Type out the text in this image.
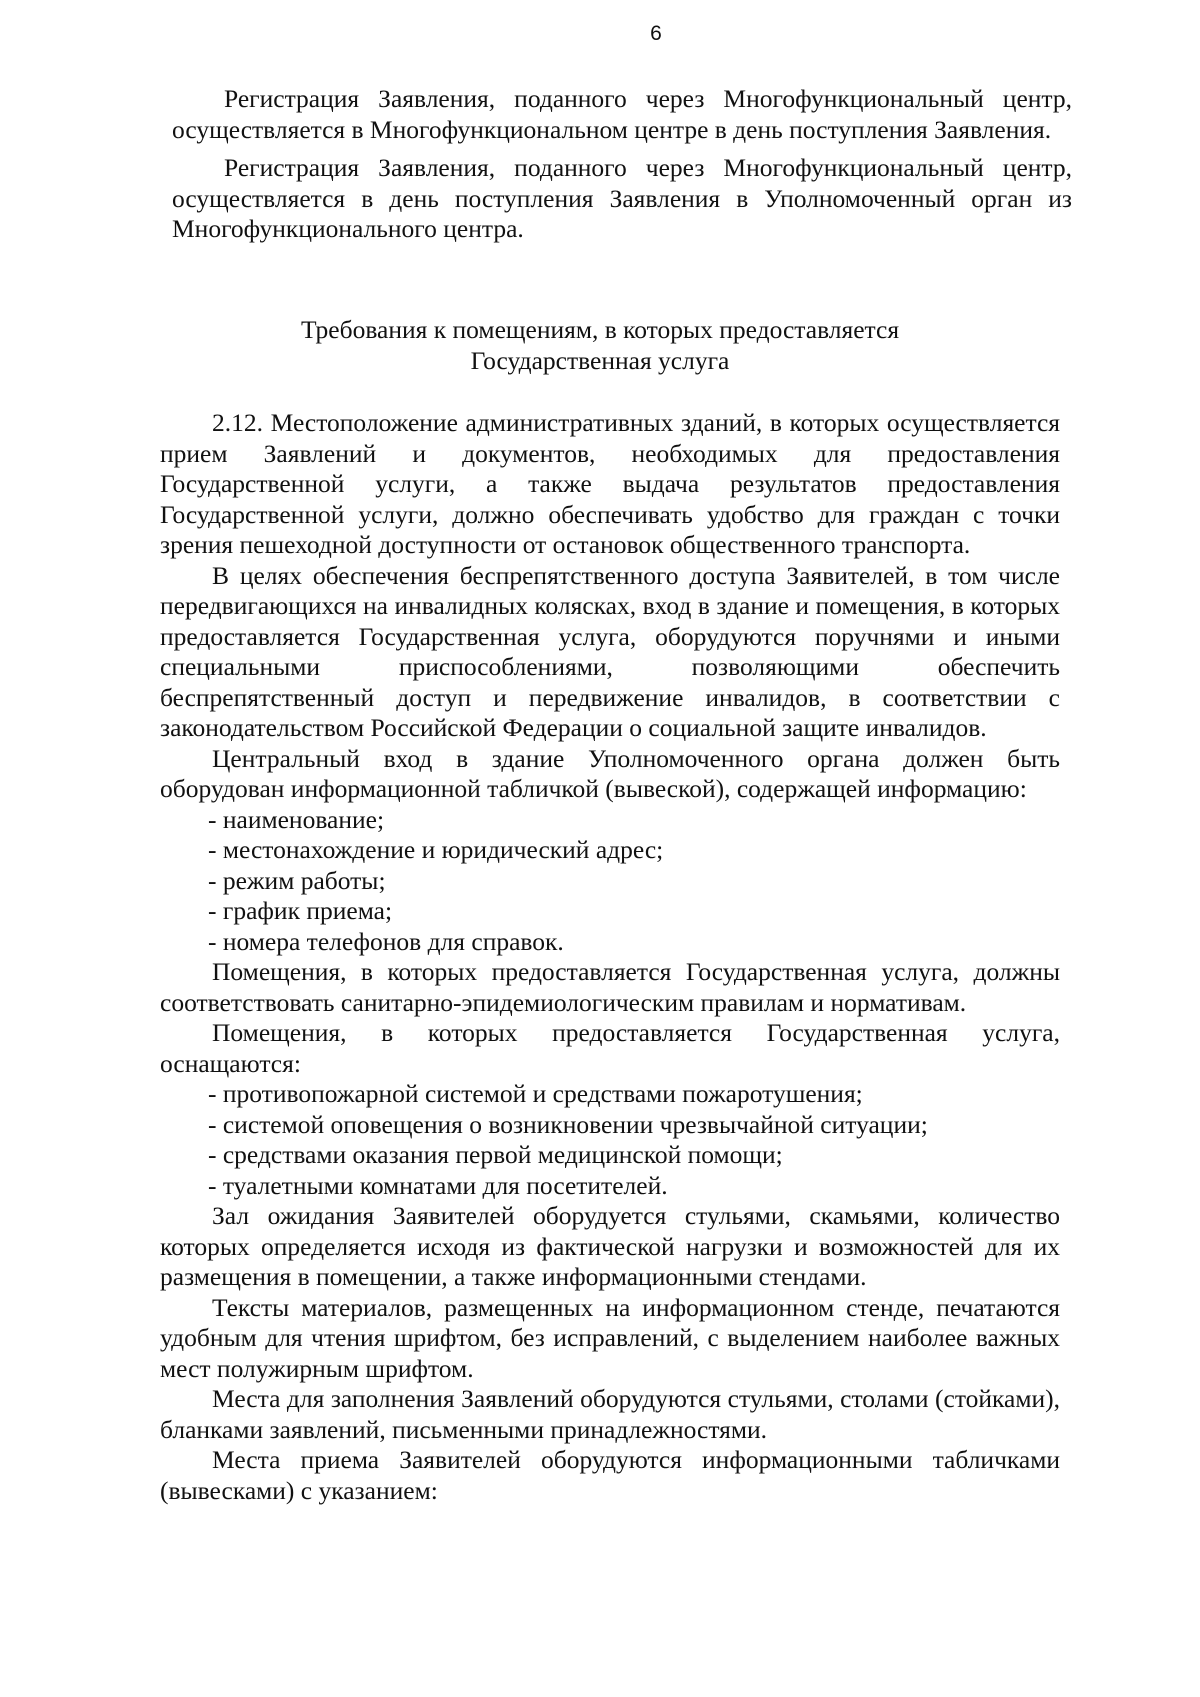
6

Регистрация Заявления, поданного через Многофункциональный центр, осуществляется в Многофункциональном центре в день поступления Заявления.

Регистрация Заявления, поданного через Многофункциональный центр, осуществляется в день поступления Заявления в Уполномоченный орган из Многофункционального центра.

Требования к помещениям, в которых предоставляется
Государственная услуга

2.12. Местоположение административных зданий, в которых осуществляется прием Заявлений и документов, необходимых для предоставления Государственной услуги, а также выдача результатов предоставления Государственной услуги, должно обеспечивать удобство для граждан с точки зрения пешеходной доступности от остановок общественного транспорта.

В целях обеспечения беспрепятственного доступа Заявителей, в том числе передвигающихся на инвалидных колясках, вход в здание и помещения, в которых предоставляется Государственная услуга, оборудуются поручнями и иными специальными приспособлениями, позволяющими обеспечить беспрепятственный доступ и передвижение инвалидов, в соответствии с законодательством Российской Федерации о социальной защите инвалидов.

Центральный вход в здание Уполномоченного органа должен быть оборудован информационной табличкой (вывеской), содержащей информацию:

- наименование;

- местонахождение и юридический адрес;

- режим работы;

- график приема;

- номера телефонов для справок.

Помещения, в которых предоставляется Государственная услуга, должны соответствовать санитарно-эпидемиологическим правилам и нормативам.

Помещения, в которых предоставляется Государственная услуга, оснащаются:

- противопожарной системой и средствами пожаротушения;

- системой оповещения о возникновении чрезвычайной ситуации;

- средствами оказания первой медицинской помощи;

- туалетными комнатами для посетителей.

Зал ожидания Заявителей оборудуется стульями, скамьями, количество которых определяется исходя из фактической нагрузки и возможностей для их размещения в помещении, а также информационными стендами.

Тексты материалов, размещенных на информационном стенде, печатаются удобным для чтения шрифтом, без исправлений, с выделением наиболее важных мест полужирным шрифтом.

Места для заполнения Заявлений оборудуются стульями, столами (стойками), бланками заявлений, письменными принадлежностями.

Места приема Заявителей оборудуются информационными табличками (вывесками) с указанием:
